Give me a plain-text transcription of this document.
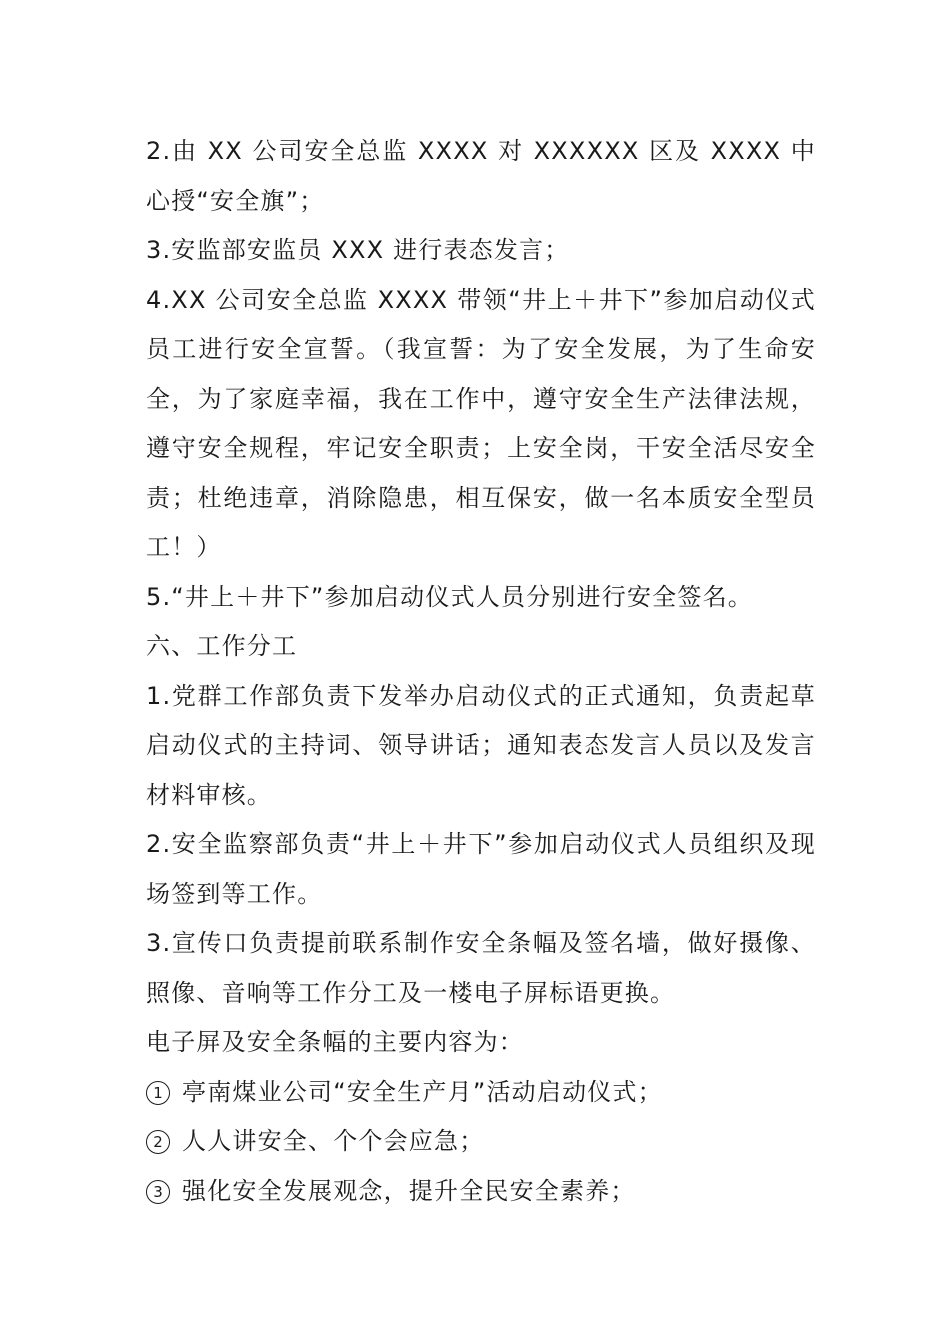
2.由 XX 公司安全总监 XXXX 对 XXXXXX 区及 XXXX 中心授“安全旗”；

3.安监部安监员 XXX 进行表态发言；

4.XX 公司安全总监 XXXX 带领“井上＋井下”参加启动仪式员工进行安全宣誓。（我宣誓：为了安全发展，为了生命安全，为了家庭幸福，我在工作中，遵守安全生产法律法规，遵守安全规程，牢记安全职责；上安全岗，干安全活尽安全责；杜绝违章，消除隐患，相互保安，做一名本质安全型员工！）

5.“井上＋井下”参加启动仪式人员分别进行安全签名。

六、工作分工

1.党群工作部负责下发举办启动仪式的正式通知，负责起草启动仪式的主持词、领导讲话；通知表态发言人员以及发言材料审核。

2.安全监察部负责“井上＋井下”参加启动仪式人员组织及现场签到等工作。

3.宣传口负责提前联系制作安全条幅及签名墙，做好摄像、照像、音响等工作分工及一楼电子屏标语更换。

电子屏及安全条幅的主要内容为：

1 亭南煤业公司“安全生产月”活动启动仪式；

2 人人讲安全、个个会应急；

3 强化安全发展观念，提升全民安全素养；
